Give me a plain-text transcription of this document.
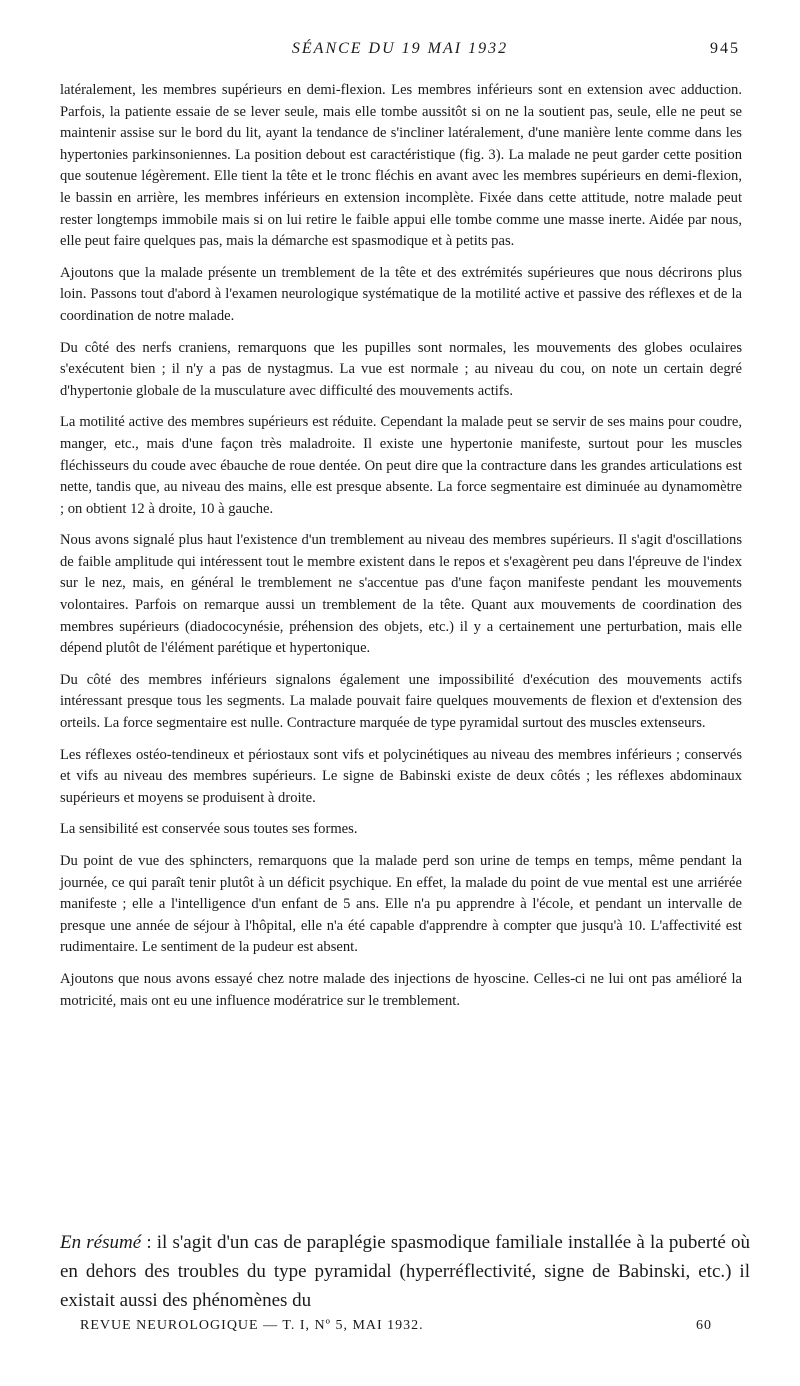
SÉANCE DU 19 MAI 1932	945

latéralement, les membres supérieurs en demi-flexion. Les membres inférieurs sont en extension avec adduction. Parfois, la patiente essaie de se lever seule, mais elle tombe aussitôt si on ne la soutient pas, seule, elle ne peut se maintenir assise sur le bord du lit, ayant la tendance de s'incliner latéralement, d'une manière lente comme dans les hypertonies parkinsoniennes. La position debout est caractéristique (fig. 3). La malade ne peut garder cette position que soutenue légèrement. Elle tient la tête et le tronc fléchis en avant avec les membres supérieurs en demi-flexion, le bassin en arrière, les membres inférieurs en extension incomplète. Fixée dans cette attitude, notre malade peut rester longtemps immobile mais si on lui retire le faible appui elle tombe comme une masse inerte. Aidée par nous, elle peut faire quelques pas, mais la démarche est spasmodique et à petits pas.

Ajoutons que la malade présente un tremblement de la tête et des extrémités supérieures que nous décrirons plus loin. Passons tout d'abord à l'examen neurologique systématique de la motilité active et passive des réflexes et de la coordination de notre malade.

Du côté des nerfs craniens, remarquons que les pupilles sont normales, les mouvements des globes oculaires s'exécutent bien ; il n'y a pas de nystagmus. La vue est normale ; au niveau du cou, on note un certain degré d'hypertonie globale de la musculature avec difficulté des mouvements actifs.

La motilité active des membres supérieurs est réduite. Cependant la malade peut se servir de ses mains pour coudre, manger, etc., mais d'une façon très maladroite. Il existe une hypertonie manifeste, surtout pour les muscles fléchisseurs du coude avec ébauche de roue dentée. On peut dire que la contracture dans les grandes articulations est nette, tandis que, au niveau des mains, elle est presque absente. La force segmentaire est diminuée au dynamomètre ; on obtient 12 à droite, 10 à gauche.

Nous avons signalé plus haut l'existence d'un tremblement au niveau des membres supérieurs. Il s'agit d'oscillations de faible amplitude qui intéressent tout le membre existent dans le repos et s'exagèrent peu dans l'épreuve de l'index sur le nez, mais, en général le tremblement ne s'accentue pas d'une façon manifeste pendant les mouvements volontaires. Parfois on remarque aussi un tremblement de la tête. Quant aux mouvements de coordination des membres supérieurs (diadococynésie, préhension des objets, etc.) il y a certainement une perturbation, mais elle dépend plutôt de l'élément parétique et hypertonique.

Du côté des membres inférieurs signalons également une impossibilité d'exécution des mouvements actifs intéressant presque tous les segments. La malade pouvait faire quelques mouvements de flexion et d'extension des orteils. La force segmentaire est nulle. Contracture marquée de type pyramidal surtout des muscles extenseurs.

Les réflexes ostéo-tendineux et périostaux sont vifs et polycinétiques au niveau des membres inférieurs ; conservés et vifs au niveau des membres supérieurs. Le signe de Babinski existe de deux côtés ; les réflexes abdominaux supérieurs et moyens se produisent à droite.

La sensibilité est conservée sous toutes ses formes.

Du point de vue des sphincters, remarquons que la malade perd son urine de temps en temps, même pendant la journée, ce qui paraît tenir plutôt à un déficit psychique. En effet, la malade du point de vue mental est une arriérée manifeste ; elle a l'intelligence d'un enfant de 5 ans. Elle n'a pu apprendre à l'école, et pendant un intervalle de presque une année de séjour à l'hôpital, elle n'a été capable d'apprendre à compter que jusqu'à 10. L'affectivité est rudimentaire. Le sentiment de la pudeur est absent.

Ajoutons que nous avons essayé chez notre malade des injections de hyoscine. Celles-ci ne lui ont pas amélioré la motricité, mais ont eu une influence modératrice sur le tremblement.

En résumé : il s'agit d'un cas de paraplégie spasmodique familiale installée à la puberté où en dehors des troubles du type pyramidal (hyperréflectivité, signe de Babinski, etc.) il existait aussi des phénomènes du
REVUE NEUROLOGIQUE — T. I, Nº 5, MAI 1932.	60
